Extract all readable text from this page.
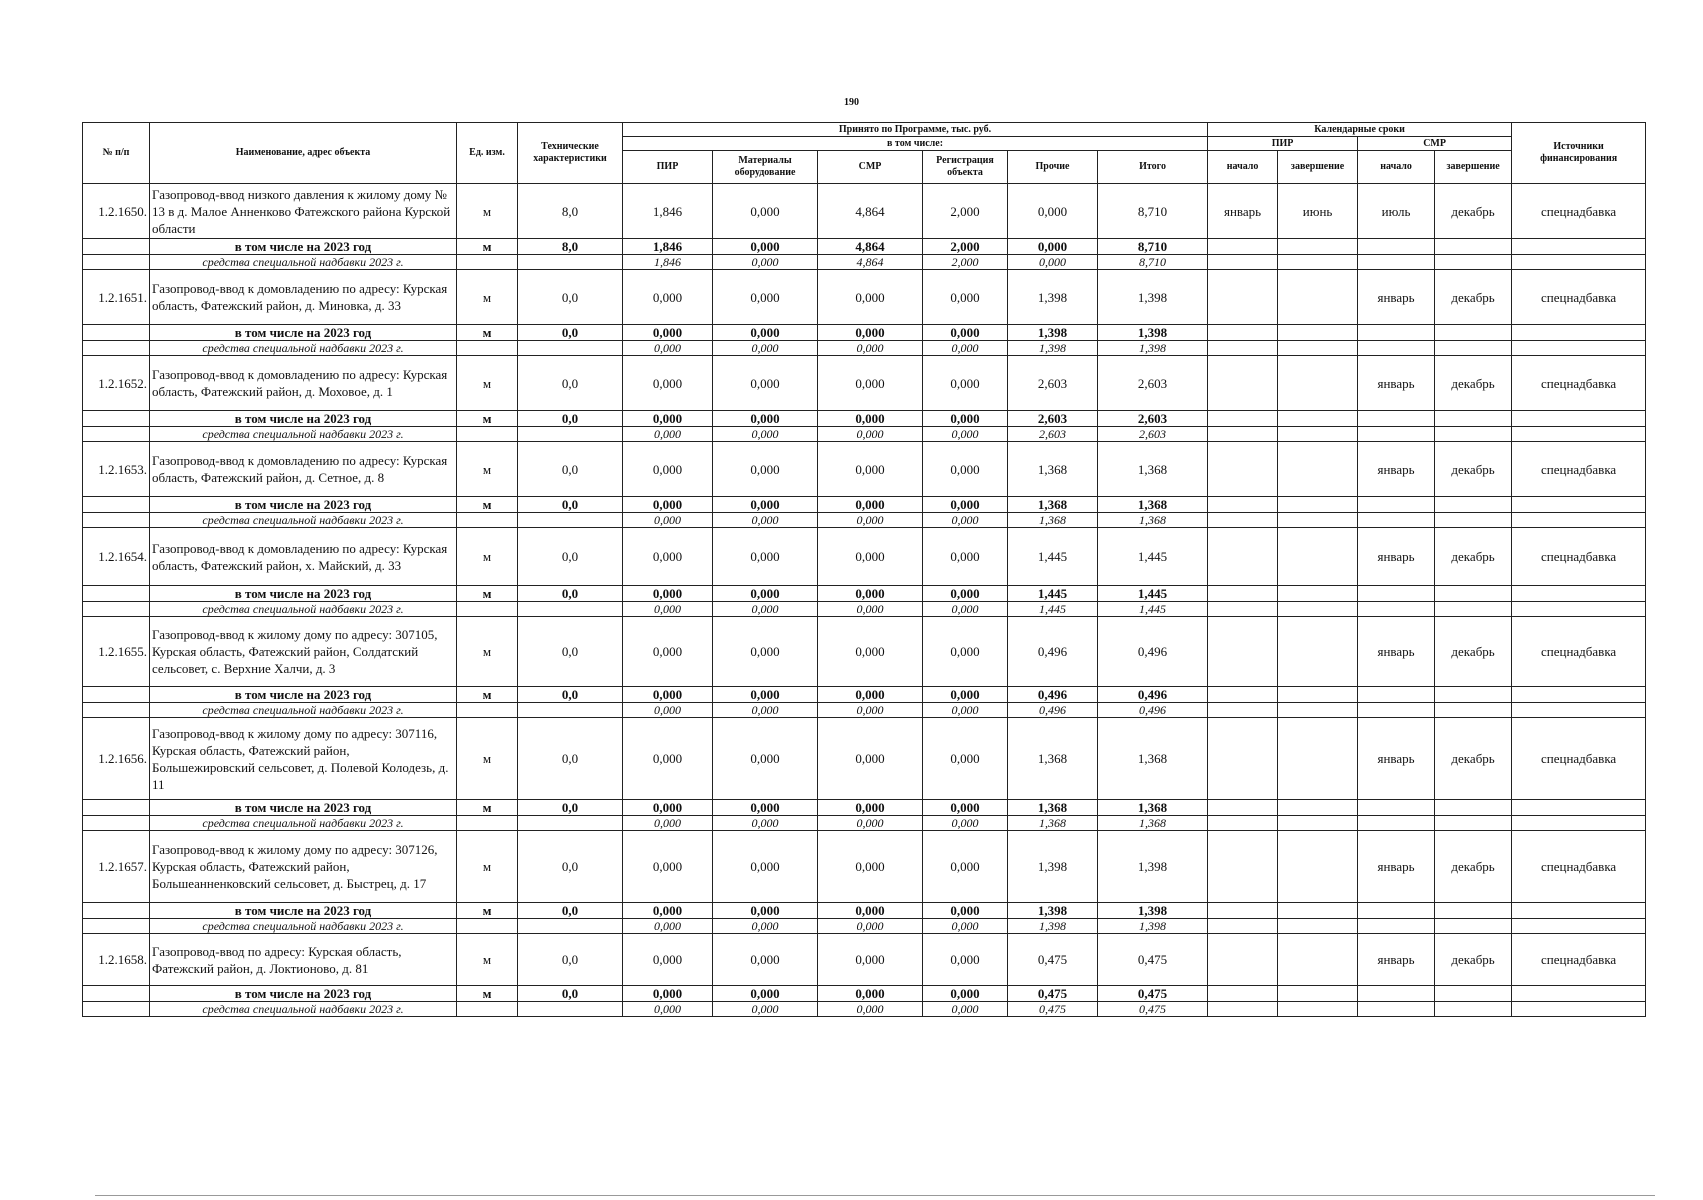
190
№ п/п	Наименование, адрес объекта	Ед. изм.	Технические характеристики	Принято по Программе, тыс. руб.						Календарные сроки				Источники финансирования
				в том числе:						ПИР		СМР		
				ПИР	Материалы оборудование	СМР	Регистрация объекта	Прочие	Итого	начало	завершение	начало	завершение	
1.2.1650.	Газопровод-ввод низкого давления к жилому дому № 13 в д. Малое Анненково Фатежского района Курской области	м	8,0	1,846	0,000	4,864	2,000	0,000	8,710	январь	июнь	июль	декабрь	спецнадбавка
	в том числе на 2023 год	м	8,0	1,846	0,000	4,864	2,000	0,000	8,710					
	средства специальной надбавки 2023 г.			1,846	0,000	4,864	2,000	0,000	8,710					
1.2.1651.	Газопровод-ввод к домовладению по адресу: Курская область, Фатежский район, д. Миновка, д. 33	м	0,0	0,000	0,000	0,000	0,000	1,398	1,398			январь	декабрь	спецнадбавка
	в том числе на 2023 год	м	0,0	0,000	0,000	0,000	0,000	1,398	1,398					
	средства специальной надбавки 2023 г.			0,000	0,000	0,000	0,000	1,398	1,398					
1.2.1652.	Газопровод-ввод к домовладению по адресу: Курская область, Фатежский район, д. Моховое, д. 1	м	0,0	0,000	0,000	0,000	0,000	2,603	2,603			январь	декабрь	спецнадбавка
	в том числе на 2023 год	м	0,0	0,000	0,000	0,000	0,000	2,603	2,603					
	средства специальной надбавки 2023 г.			0,000	0,000	0,000	0,000	2,603	2,603					
1.2.1653.	Газопровод-ввод к домовладению по адресу: Курская область, Фатежский район, д. Сетное, д. 8	м	0,0	0,000	0,000	0,000	0,000	1,368	1,368			январь	декабрь	спецнадбавка
	в том числе на 2023 год	м	0,0	0,000	0,000	0,000	0,000	1,368	1,368					
	средства специальной надбавки 2023 г.			0,000	0,000	0,000	0,000	1,368	1,368					
1.2.1654.	Газопровод-ввод к домовладению по адресу: Курская область, Фатежский район, х. Майский, д. 33	м	0,0	0,000	0,000	0,000	0,000	1,445	1,445			январь	декабрь	спецнадбавка
	в том числе на 2023 год	м	0,0	0,000	0,000	0,000	0,000	1,445	1,445					
	средства специальной надбавки 2023 г.			0,000	0,000	0,000	0,000	1,445	1,445					
1.2.1655.	Газопровод-ввод к жилому дому по адресу: 307105, Курская область, Фатежский район, Солдатский сельсовет, с. Верхние Халчи, д. 3	м	0,0	0,000	0,000	0,000	0,000	0,496	0,496			январь	декабрь	спецнадбавка
	в том числе на 2023 год	м	0,0	0,000	0,000	0,000	0,000	0,496	0,496					
	средства специальной надбавки 2023 г.			0,000	0,000	0,000	0,000	0,496	0,496					
1.2.1656.	Газопровод-ввод к жилому дому по адресу: 307116, Курская область, Фатежский район, Большежировский сельсовет, д. Полевой Колодезь, д. 11	м	0,0	0,000	0,000	0,000	0,000	1,368	1,368			январь	декабрь	спецнадбавка
	в том числе на 2023 год	м	0,0	0,000	0,000	0,000	0,000	1,368	1,368					
	средства специальной надбавки 2023 г.			0,000	0,000	0,000	0,000	1,368	1,368					
1.2.1657.	Газопровод-ввод к жилому дому по адресу: 307126, Курская область, Фатежский район, Большеанненковский сельсовет, д. Быстрец, д. 17	м	0,0	0,000	0,000	0,000	0,000	1,398	1,398			январь	декабрь	спецнадбавка
	в том числе на 2023 год	м	0,0	0,000	0,000	0,000	0,000	1,398	1,398					
	средства специальной надбавки 2023 г.			0,000	0,000	0,000	0,000	1,398	1,398					
1.2.1658.	Газопровод-ввод по адресу: Курская область, Фатежский район, д. Локтионово, д. 81	м	0,0	0,000	0,000	0,000	0,000	0,475	0,475			январь	декабрь	спецнадбавка
	в том числе на 2023 год	м	0,0	0,000	0,000	0,000	0,000	0,475	0,475					
	средства специальной надбавки 2023 г.			0,000	0,000	0,000	0,000	0,475	0,475					
